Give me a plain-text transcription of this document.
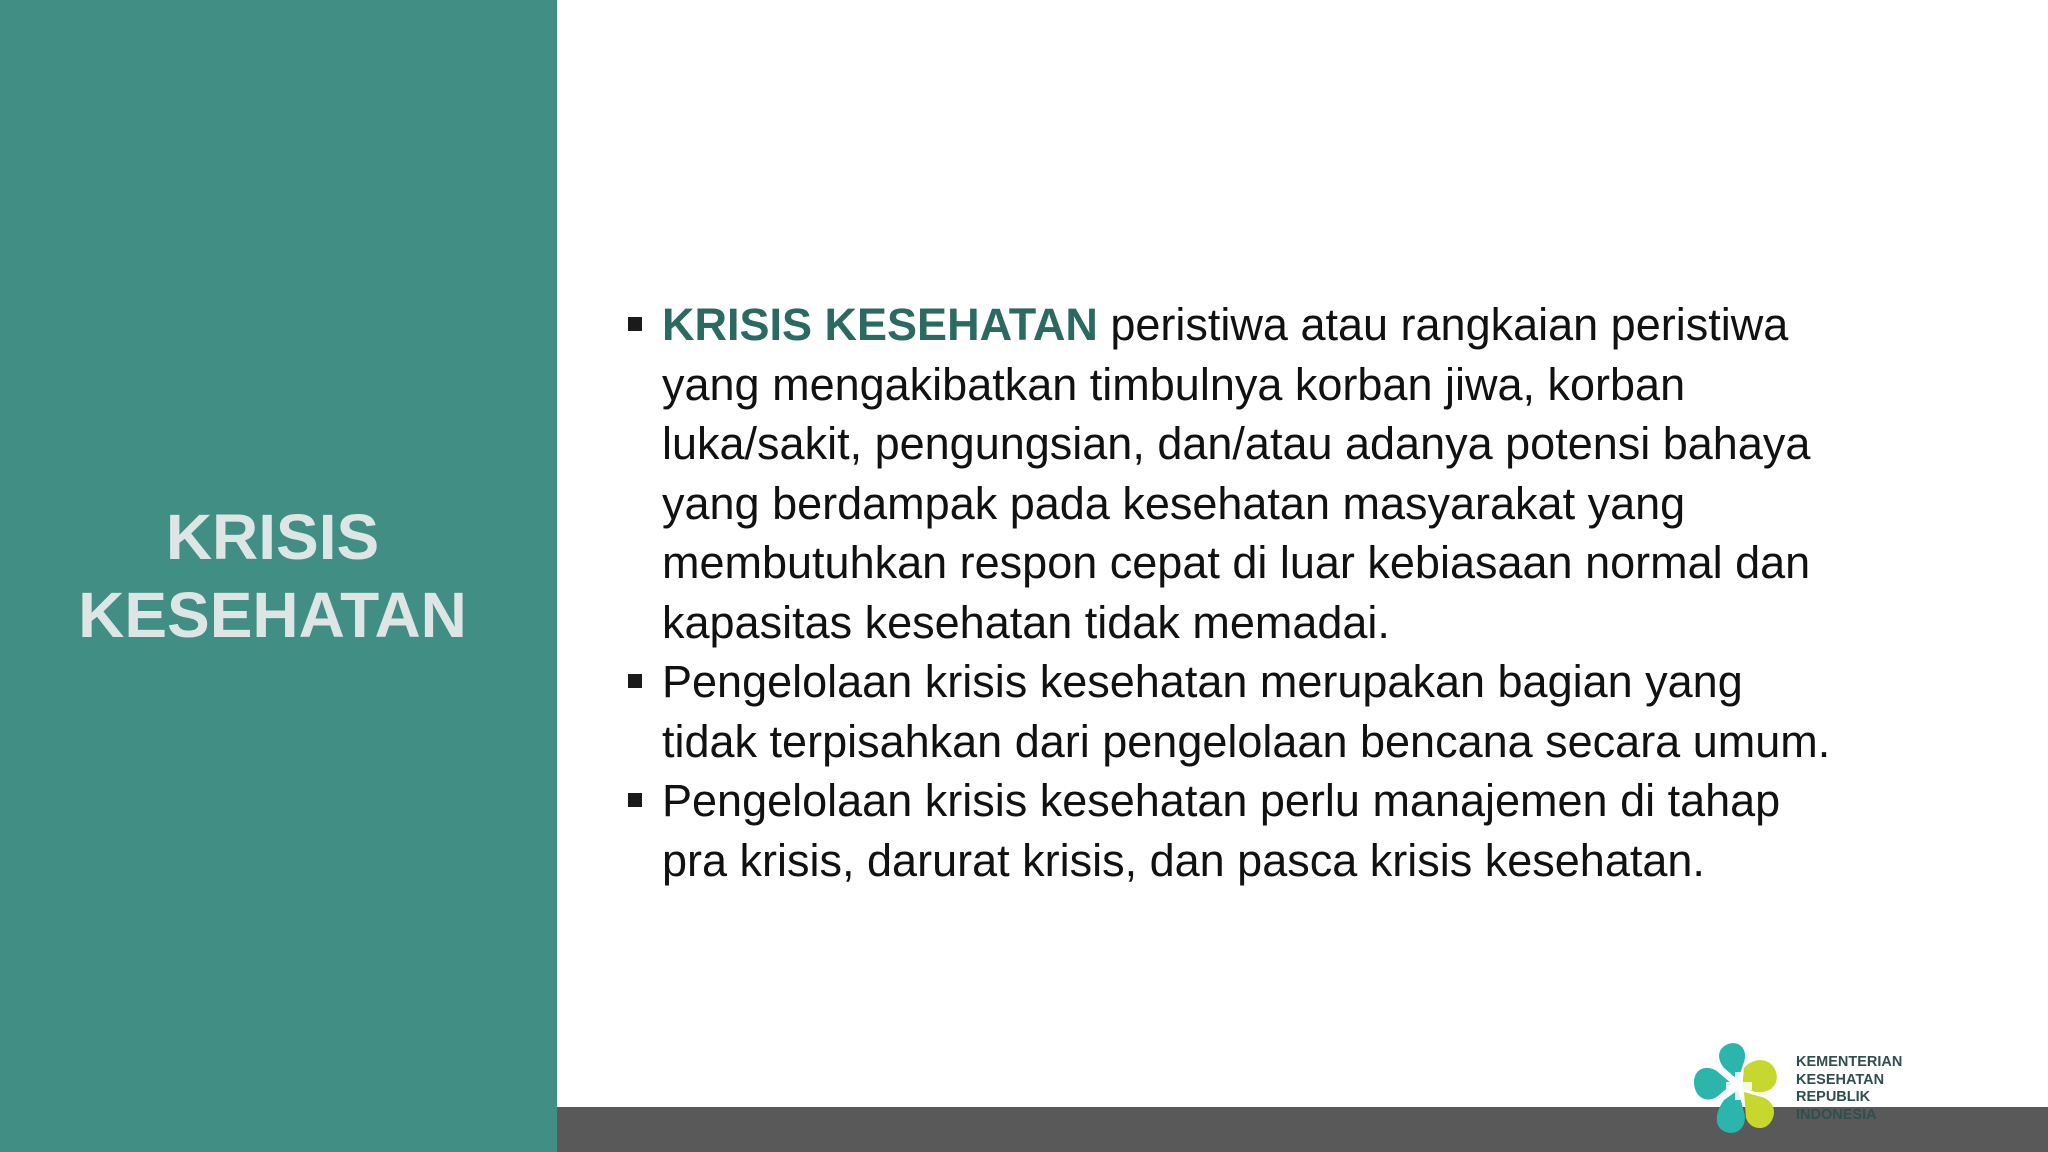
KRISIS
KESEHATAN
KRISIS KESEHATAN peristiwa atau rangkaian peristiwa
yang mengakibatkan timbulnya korban jiwa, korban
luka/sakit, pengungsian, dan/atau adanya potensi bahaya
yang berdampak pada kesehatan masyarakat yang
membutuhkan respon cepat di luar kebiasaan normal dan
kapasitas kesehatan tidak memadai.
Pengelolaan krisis kesehatan merupakan bagian yang
tidak terpisahkan dari pengelolaan bencana secara umum.
Pengelolaan krisis kesehatan perlu manajemen di tahap
pra krisis, darurat krisis, dan pasca krisis kesehatan.
KEMENTERIAN
KESEHATAN
REPUBLIK
INDONESIA
